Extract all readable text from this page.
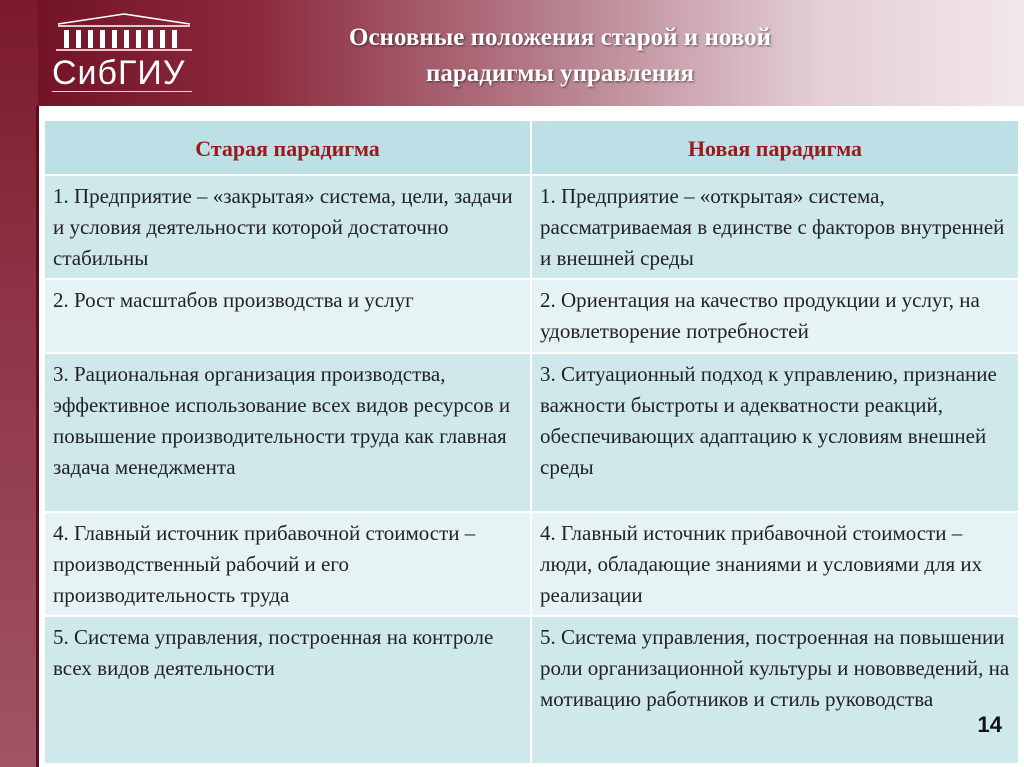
СибГИУ
Основные положения старой и новой
парадигмы управления
Старая парадигма	Новая парадигма
1. Предприятие – «закрытая» система, цели, задачи и условия деятельности которой достаточно стабильны	1. Предприятие – «открытая» система, рассматриваемая в единстве с факторов внутренней и внешней среды
2. Рост масштабов производства и услуг	2. Ориентация на качество продукции и услуг, на удовлетворение потребностей
3. Рациональная организация производства, эффективное использование всех видов ресурсов и повышение производительности труда как главная задача менеджмента	3. Ситуационный подход к управлению, признание важности быстроты и адекватности реакций, обеспечивающих адаптацию к условиям внешней среды
4. Главный источник прибавочной стоимости – производственный рабочий и его производительность труда	4. Главный источник прибавочной стоимости – люди, обладающие знаниями и условиями для их реализации
5. Система управления, построенная на контроле всех видов деятельности	5. Система управления, построенная на повышении роли организационной культуры и нововведений, на мотивацию работников и стиль руководства
14
